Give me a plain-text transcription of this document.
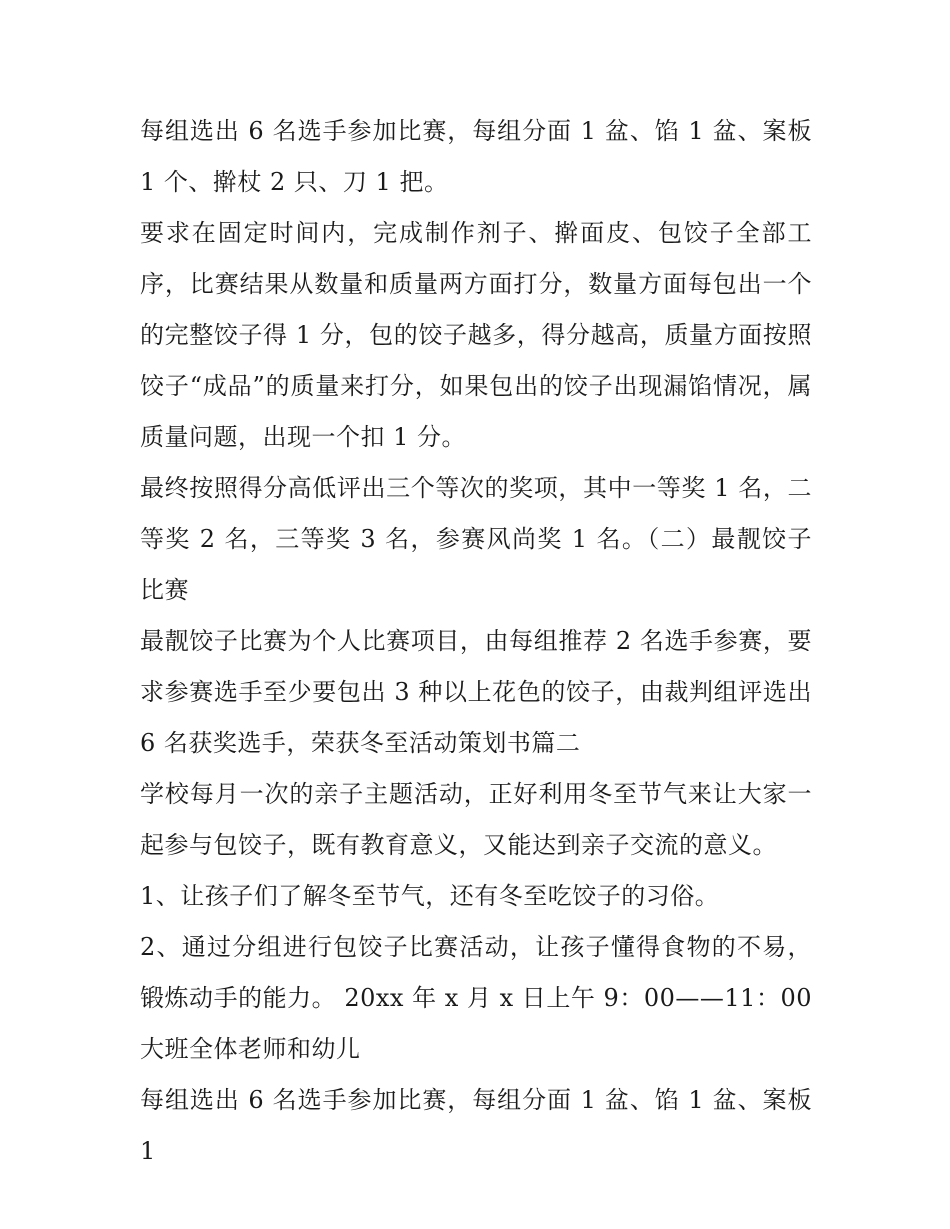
每组选出 6 名选手参加比赛，每组分面 1 盆、馅 1 盆、案板 1 个、擀杖 2 只、刀 1 把。

要求在固定时间内，完成制作剂子、擀面皮、包饺子全部工序，比赛结果从数量和质量两方面打分，数量方面每包出一个的完整饺子得 1 分，包的饺子越多，得分越高，质量方面按照饺子“成品”的质量来打分，如果包出的饺子出现漏馅情况，属质量问题，出现一个扣 1 分。

最终按照得分高低评出三个等次的奖项，其中一等奖 1 名，二等奖 2 名，三等奖 3 名，参赛风尚奖 1 名。（二）最靓饺子比赛

最靓饺子比赛为个人比赛项目，由每组推荐 2 名选手参赛，要求参赛选手至少要包出 3 种以上花色的饺子，由裁判组评选出 6 名获奖选手，荣获冬至活动策划书篇二

学校每月一次的亲子主题活动，正好利用冬至节气来让大家一起参与包饺子，既有教育意义，又能达到亲子交流的意义。

1、让孩子们了解冬至节气，还有冬至吃饺子的习俗。

2、通过分组进行包饺子比赛活动，让孩子懂得食物的不易，锻炼动手的能力。 20xx 年 x 月 x 日上午 9：00——11：00 大班全体老师和幼儿

每组选出 6 名选手参加比赛，每组分面 1 盆、馅 1 盆、案板 1
